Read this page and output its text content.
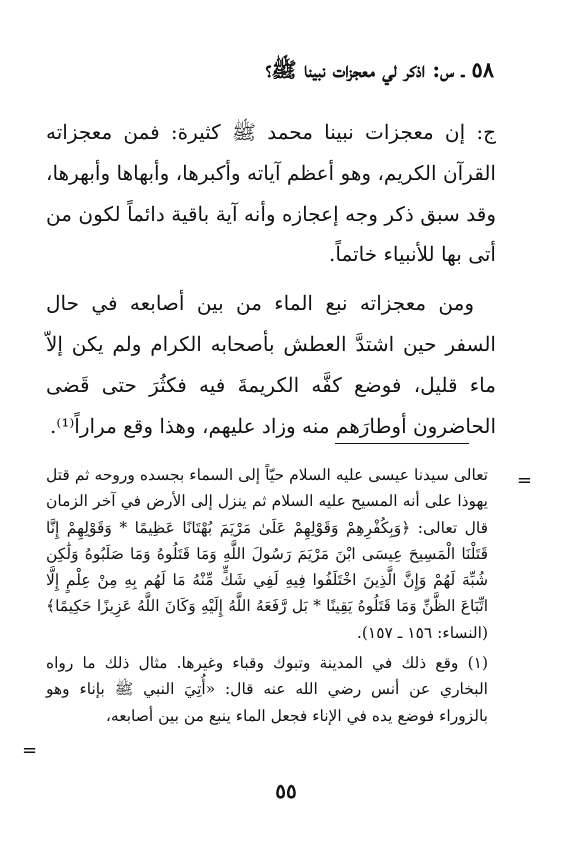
٥٨ ـ س: اذكر لي معجزات نبينا ﷺ؟

ج: إن معجزات نبينا محمد ﷺ كثيرة: فمن معجزاته القرآن الكريم، وهو أعظم آياته وأكبرها، وأبهاها وأبهرها، وقد سبق ذكر وجه إعجازه وأنه آية باقية دائماً لكون من أتى بها للأنبياء خاتماً.

ومن معجزاته نبع الماء من بين أصابعه في حال السفر حين اشتدَّ العطش بأصحابه الكرام ولم يكن إلاّ ماء قليل، فوضع كفَّه الكريمةَ فيه فكثُرَ حتى قَضى الحاضرون أوطارَهم منه وزاد عليهم، وهذا وقع مراراً⁽¹⁾.

=
تعالى سيدنا عيسى عليه السلام حيّاً إلى السماء بجسده وروحه ثم قتل يهوذا على أنه المسيح عليه السلام ثم ينزل إلى الأرض في آخر الزمان قال تعالى: ﴿وَبِكُفْرِهِمْ وَقَوْلِهِمْ عَلَىٰ مَرْيَمَ بُهْتَانًا عَظِيمًا * وَقَوْلِهِمْ إِنَّا قَتَلْنَا الْمَسِيحَ عِيسَى ابْنَ مَرْيَمَ رَسُولَ اللَّهِ وَمَا قَتَلُوهُ وَمَا صَلَبُوهُ وَلَٰكِن شُبِّهَ لَهُمْ وَإِنَّ الَّذِينَ اخْتَلَفُوا فِيهِ لَفِي شَكٍّ مِّنْهُ مَا لَهُم بِهِ مِنْ عِلْمٍ إِلَّا اتِّبَاعَ الظَّنِّ وَمَا قَتَلُوهُ يَقِينًا * بَل رَّفَعَهُ اللَّهُ إِلَيْهِ وَكَانَ اللَّهُ عَزِيزًا حَكِيمًا﴾ (النساء: ١٥٦ ـ ١٥٧).
(١) وقع ذلك في المدينة وتبوك وقباء وغيرها. مثال ذلك ما رواه البخاري عن أنس رضي الله عنه قال: «أُتِيَ النبي ﷺ بإناء وهو بالزوراء فوضع يده في الإناء فجعل الماء ينبع من بين أصابعه،
=
٥٥
